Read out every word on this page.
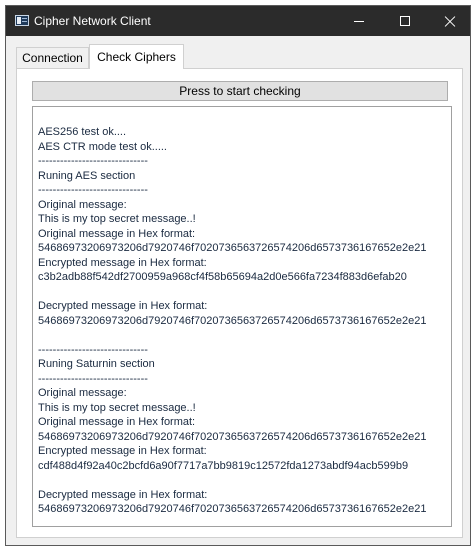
Cipher Network Client
Connection	Check Ciphers
Press to start checking
AES256 test ok....
AES CTR mode test ok.....
------------------------------
Runing AES section
------------------------------
Original message:
This is my top secret message..!
Original message in Hex format:
54686973206973206d7920746f7020736563726574206d6573736167652e2e21
Encrypted message in Hex format:
c3b2adb88f542df2700959a968cf4f58b65694a2d0e566fa7234f883d6efab20
Decrypted message in Hex format:
54686973206973206d7920746f7020736563726574206d6573736167652e2e21
------------------------------
Runing Saturnin section
------------------------------
Original message:
This is my top secret message..!
Original message in Hex format:
54686973206973206d7920746f7020736563726574206d6573736167652e2e21
Encrypted message in Hex format:
cdf488d4f92a40c2bcfd6a90f7717a7bb9819c12572fda1273abdf94acb599b9
Decrypted message in Hex format:
54686973206973206d7920746f7020736563726574206d6573736167652e2e21
